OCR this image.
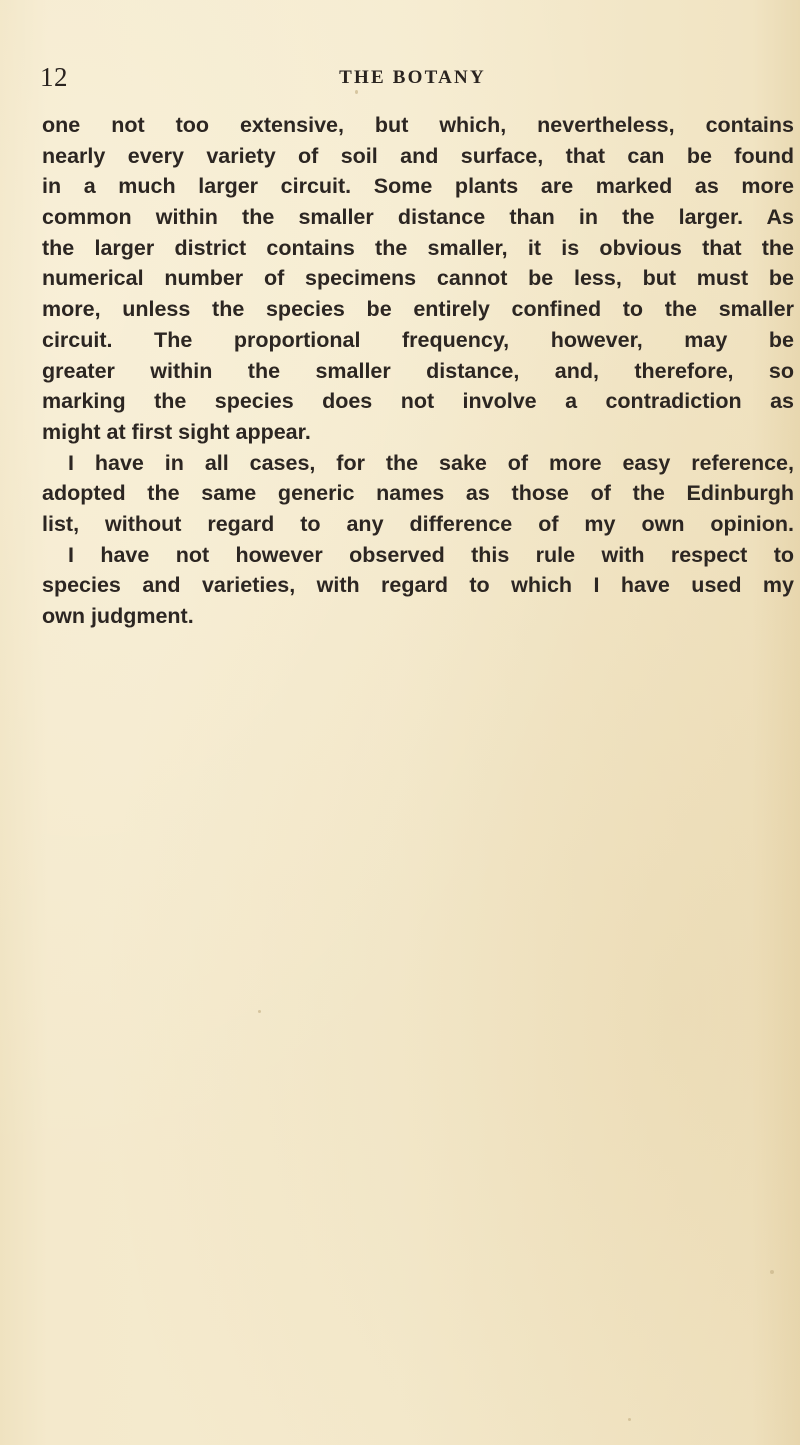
12	THE BOTANY
one not too extensive, but which, nevertheless, contains
nearly every variety of soil and surface, that can be found
in a much larger circuit. Some plants are marked as more
common within the smaller distance than in the larger. As
the larger district contains the smaller, it is obvious that the
numerical number of specimens cannot be less, but must be
more, unless the species be entirely confined to the smaller
circuit. The proportional frequency, however, may be
greater within the smaller distance, and, therefore, so
marking the species does not involve a contradiction as
might at first sight appear.
I have in all cases, for the sake of more easy reference,
adopted the same generic names as those of the Edinburgh
list, without regard to any difference of my own opinion.
I have not however observed this rule with respect to
species and varieties, with regard to which I have used my
own judgment.
